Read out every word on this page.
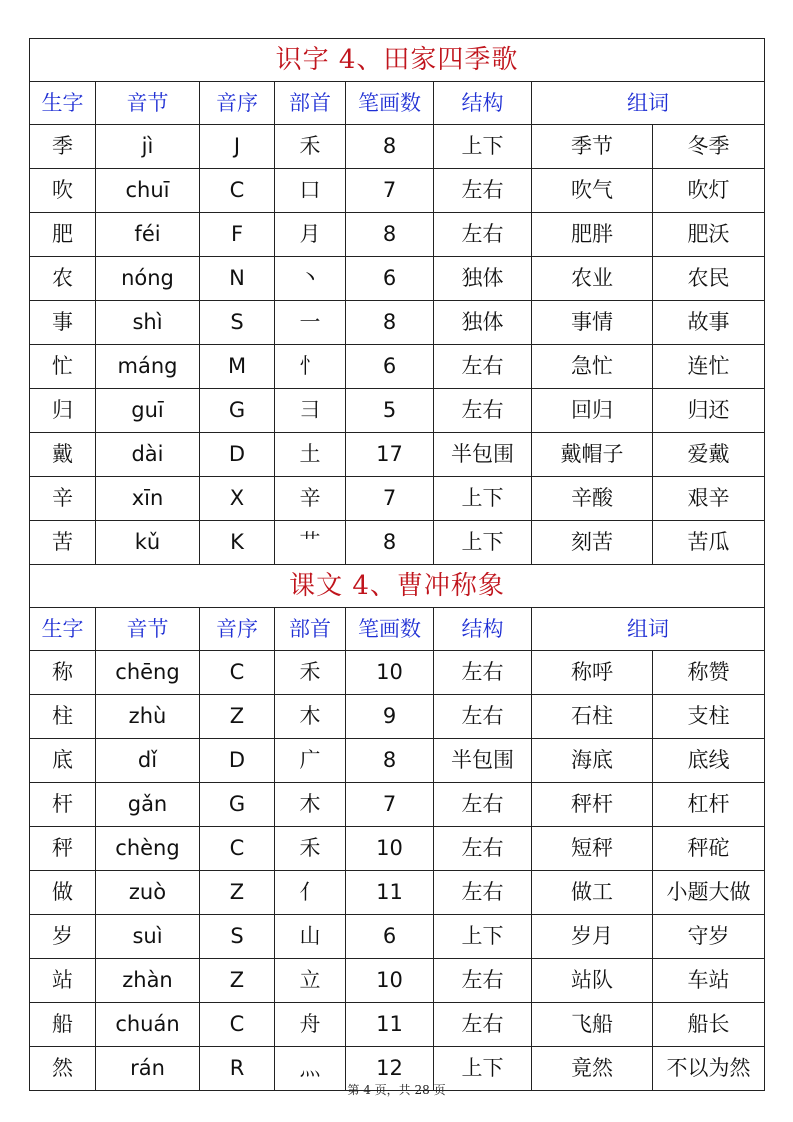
识字 4、田家四季歌							
生字	音节	音序	部首	笔画数	结构	组词	
季	jì	J	禾	8	上下	季节	冬季
吹	chuī	C	口	7	左右	吹气	吹灯
肥	féi	F	月	8	左右	肥胖	肥沃
农	nóng	N	丶	6	独体	农业	农民
事	shì	S	一	8	独体	事情	故事
忙	máng	M	忄	6	左右	急忙	连忙
归	guī	G	彐	5	左右	回归	归还
戴	dài	D	土	17	半包围	戴帽子	爱戴
辛	xīn	X	辛	7	上下	辛酸	艰辛
苦	kǔ	K	艹	8	上下	刻苦	苦瓜
课文 4、曹冲称象							
生字	音节	音序	部首	笔画数	结构	组词	
称	chēng	C	禾	10	左右	称呼	称赞
柱	zhù	Z	木	9	左右	石柱	支柱
底	dǐ	D	广	8	半包围	海底	底线
杆	gǎn	G	木	7	左右	秤杆	杠杆
秤	chèng	C	禾	10	左右	短秤	秤砣
做	zuò	Z	亻	11	左右	做工	小题大做
岁	suì	S	山	6	上下	岁月	守岁
站	zhàn	Z	立	10	左右	站队	车站
船	chuán	C	舟	11	左右	飞船	船长
然	rán	R	灬	12	上下	竟然	不以为然
第 4 页，共 28 页
